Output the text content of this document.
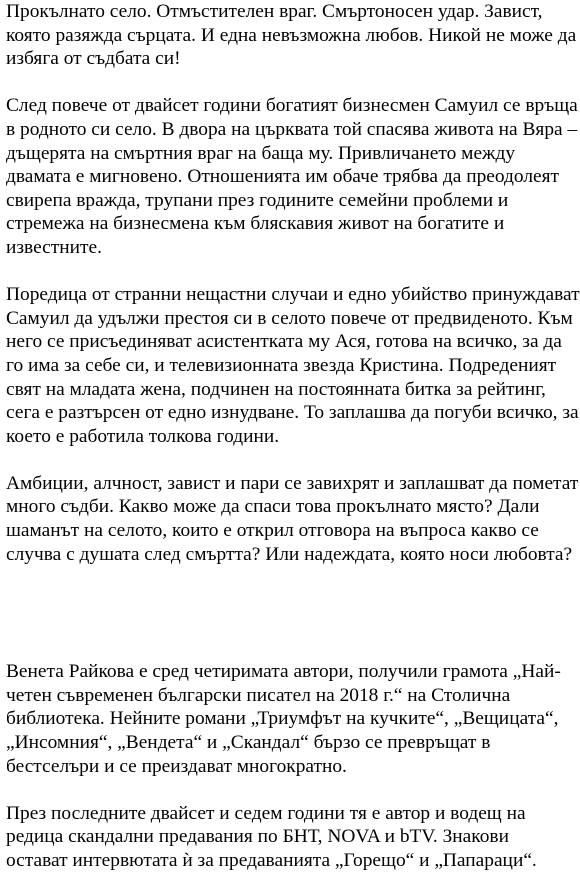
Прокълнато село. Отмъстителен враг. Смъртоносен удар. Завист,
която разяжда сърцата. И една невъзможна любов. Никой не може да
избяга от съдбата си!

След повече от двайсет години богатият бизнесмен Самуил се връща
в родното си село. В двора на църквата той спасява живота на Вяра –
дъщерята на смъртния враг на баща му. Привличането между
двамата е мигновено. Отношенията им обаче трябва да преодолеят
свирепа вражда, трупани през годините семейни проблеми и
стремежа на бизнесмена към бляскавия живот на богатите и
известните.

Поредица от странни нещастни случаи и едно убийство принуждават
Самуил да удължи престоя си в селото повече от предвиденото. Към
него се присъединяват асистентката му Ася, готова на всичко, за да
го има за себе си, и телевизионната звезда Кристина. Подреденият
свят на младата жена, подчинен на постоянната битка за рейтинг,
сега е разтърсен от едно изнудване. То заплашва да погуби всичко, за
което е работила толкова години.

Амбиции, алчност, завист и пари се завихрят и заплашват да пометат
много съдби. Какво може да спаси това прокълнато място? Дали
шаманът на селото, които е открил отговора на въпроса какво се
случва с душата след смъртта? Или надеждата, която носи любовта?

Венета Райкова е сред четиримата автори, получили грамота „Най-
четен съвременен български писател на 2018 г.“ на Столична
библиотека. Нейните романи „Триумфът на кучките“, „Вещицата“,
„Инсомния“, „Вендета“ и „Скандал“ бързо се превръщат в
бестселъри и се преиздават многократно.

През последните двайсет и седем години тя е автор и водещ на
редица скандални предавания по БНТ, NOVA и bTV. Знакови
остават интервютата ѝ за предаванията „Горещо“ и „Папараци“.
